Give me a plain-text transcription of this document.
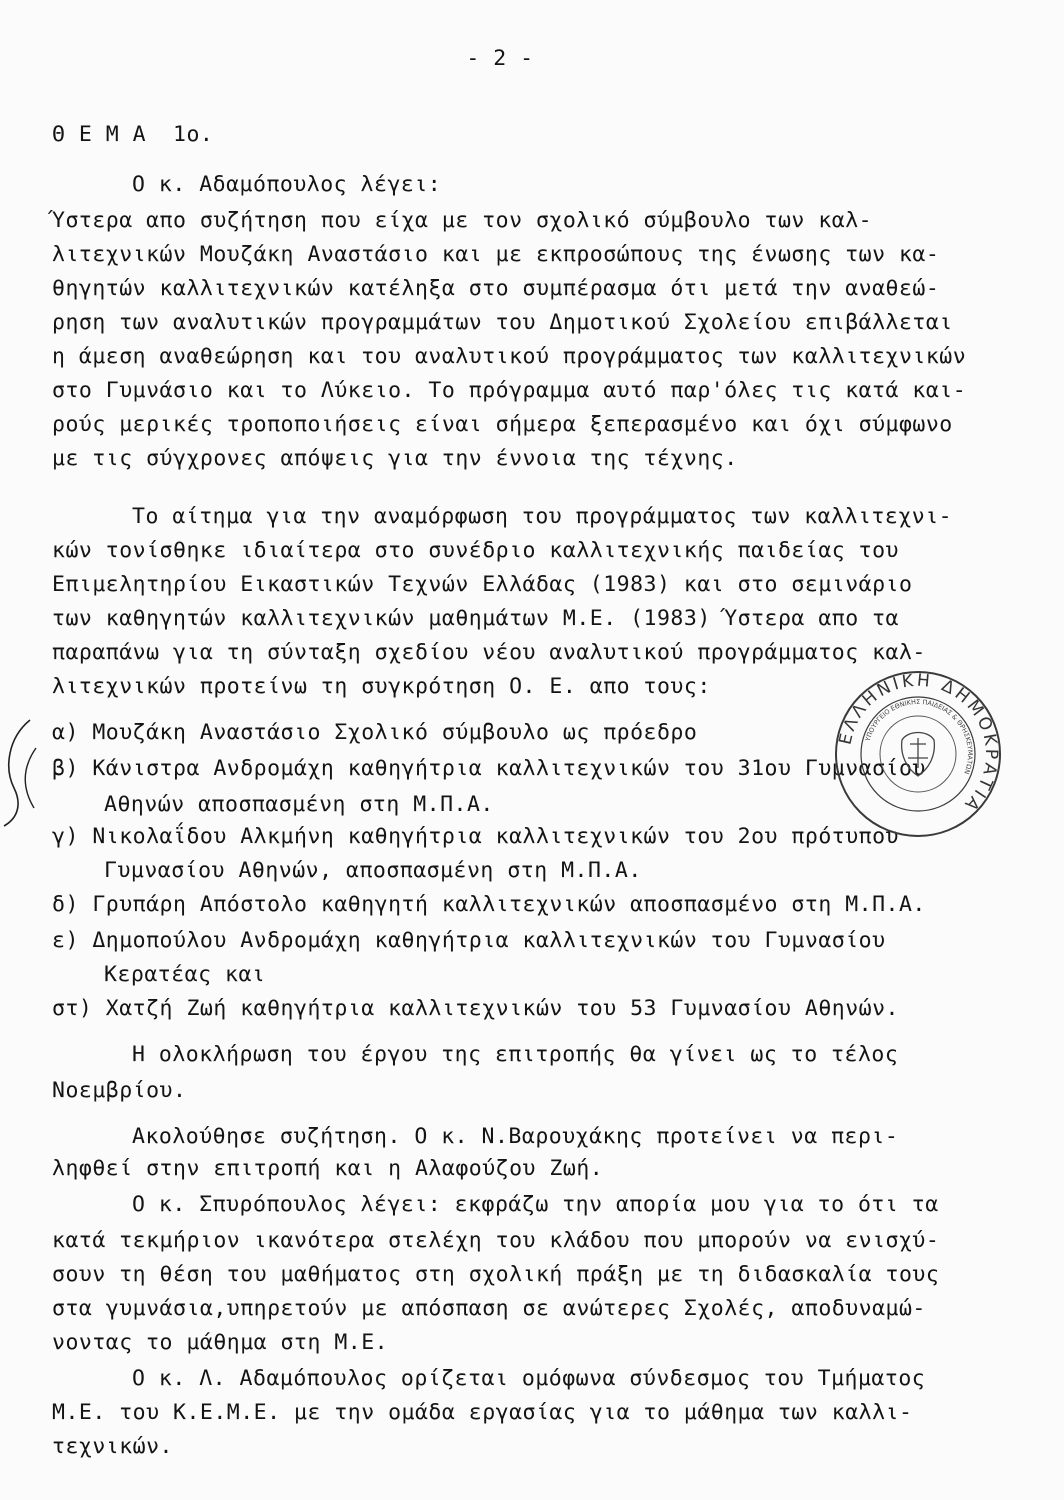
- 2 -
Θ Ε Μ Α  1ο.
Ο κ. Αδαμόπουλος λέγει:
Ύστερα απο συζήτηση που είχα με τον σχολικό σύμβουλο των καλ-
λιτεχνικών Μουζάκη Αναστάσιο και με εκπροσώπους της ένωσης των κα-
θηγητών καλλιτεχνικών κατέληξα στο συμπέρασμα ότι μετά την αναθεώ-
ρηση των αναλυτικών προγραμμάτων του Δημοτικού Σχολείου επιβάλλεται
η άμεση αναθεώρηση και του αναλυτικού προγράμματος των καλλιτεχνικών
στο Γυμνάσιο και το Λύκειο. Το πρόγραμμα αυτό παρ'όλες τις κατά και-
ρούς μερικές τροποποιήσεις είναι σήμερα ξεπερασμένο και όχι σύμφωνο
με τις σύγχρονες απόψεις για την έννοια της τέχνης.
Το αίτημα για την αναμόρφωση του προγράμματος των καλλιτεχνι-
κών τονίσθηκε ιδιαίτερα στο συνέδριο καλλιτεχνικής παιδείας του
Επιμελητηρίου Εικαστικών Τεχνών Ελλάδας (1983) και στο σεμινάριο
των καθηγητών καλλιτεχνικών μαθημάτων Μ.Ε. (1983) Ύστερα απο τα
παραπάνω για τη σύνταξη σχεδίου νέου αναλυτικού προγράμματος καλ-
λιτεχνικών προτείνω τη συγκρότηση Ο. Ε. απο τους:
α) Μουζάκη Αναστάσιο Σχολικό σύμβουλο ως πρόεδρο
β) Κάνιστρα Ανδρομάχη καθηγήτρια καλλιτεχνικών του 31ου Γυμνασίου
Αθηνών αποσπασμένη στη Μ.Π.Α.
γ) Νικολαΐδου Αλκμήνη καθηγήτρια καλλιτεχνικών του 2ου πρότυπου
Γυμνασίου Αθηνών, αποσπασμένη στη Μ.Π.Α.
δ) Γρυπάρη Απόστολο καθηγητή καλλιτεχνικών αποσπασμένο στη Μ.Π.Α.
ε) Δημοπούλου Ανδρομάχη καθηγήτρια καλλιτεχνικών του Γυμνασίου
Κερατέας και
στ) Χατζή Ζωή καθηγήτρια καλλιτεχνικών του 53 Γυμνασίου Αθηνών.
Η ολοκλήρωση του έργου της επιτροπής θα γίνει ως το τέλος
Νοεμβρίου.
Ακολούθησε συζήτηση. Ο κ. Ν.Βαρουχάκης προτείνει να περι-
ληφθεί στην επιτροπή και η Αλαφούζου Ζωή.
Ο κ. Σπυρόπουλος λέγει: εκφράζω την απορία μου για το ότι τα
κατά τεκμήριον ικανότερα στελέχη του κλάδου που μπορούν να ενισχύ-
σουν τη θέση του μαθήματος στη σχολική πράξη με τη διδασκαλία τους
στα γυμνάσια,υπηρετούν με απόσπαση σε ανώτερες Σχολές, αποδυναμώ-
νοντας το μάθημα στη Μ.Ε.
Ο κ. Λ. Αδαμόπουλος ορίζεται ομόφωνα σύνδεσμος του Τμήματος
Μ.Ε. του Κ.Ε.Μ.Ε. με την ομάδα εργασίας για το μάθημα των καλλι-
τεχνικών.
ΕΛΛΗΝΙΚΗ ΔΗΜΟΚΡΑΤΙΑ
ΥΠΟΥΡΓΕΙΟ ΕΘΝΙΚΗΣ ΠΑΙΔΕΙΑΣ & ΘΡΗΣΚΕΥΜΑΤΩΝ
